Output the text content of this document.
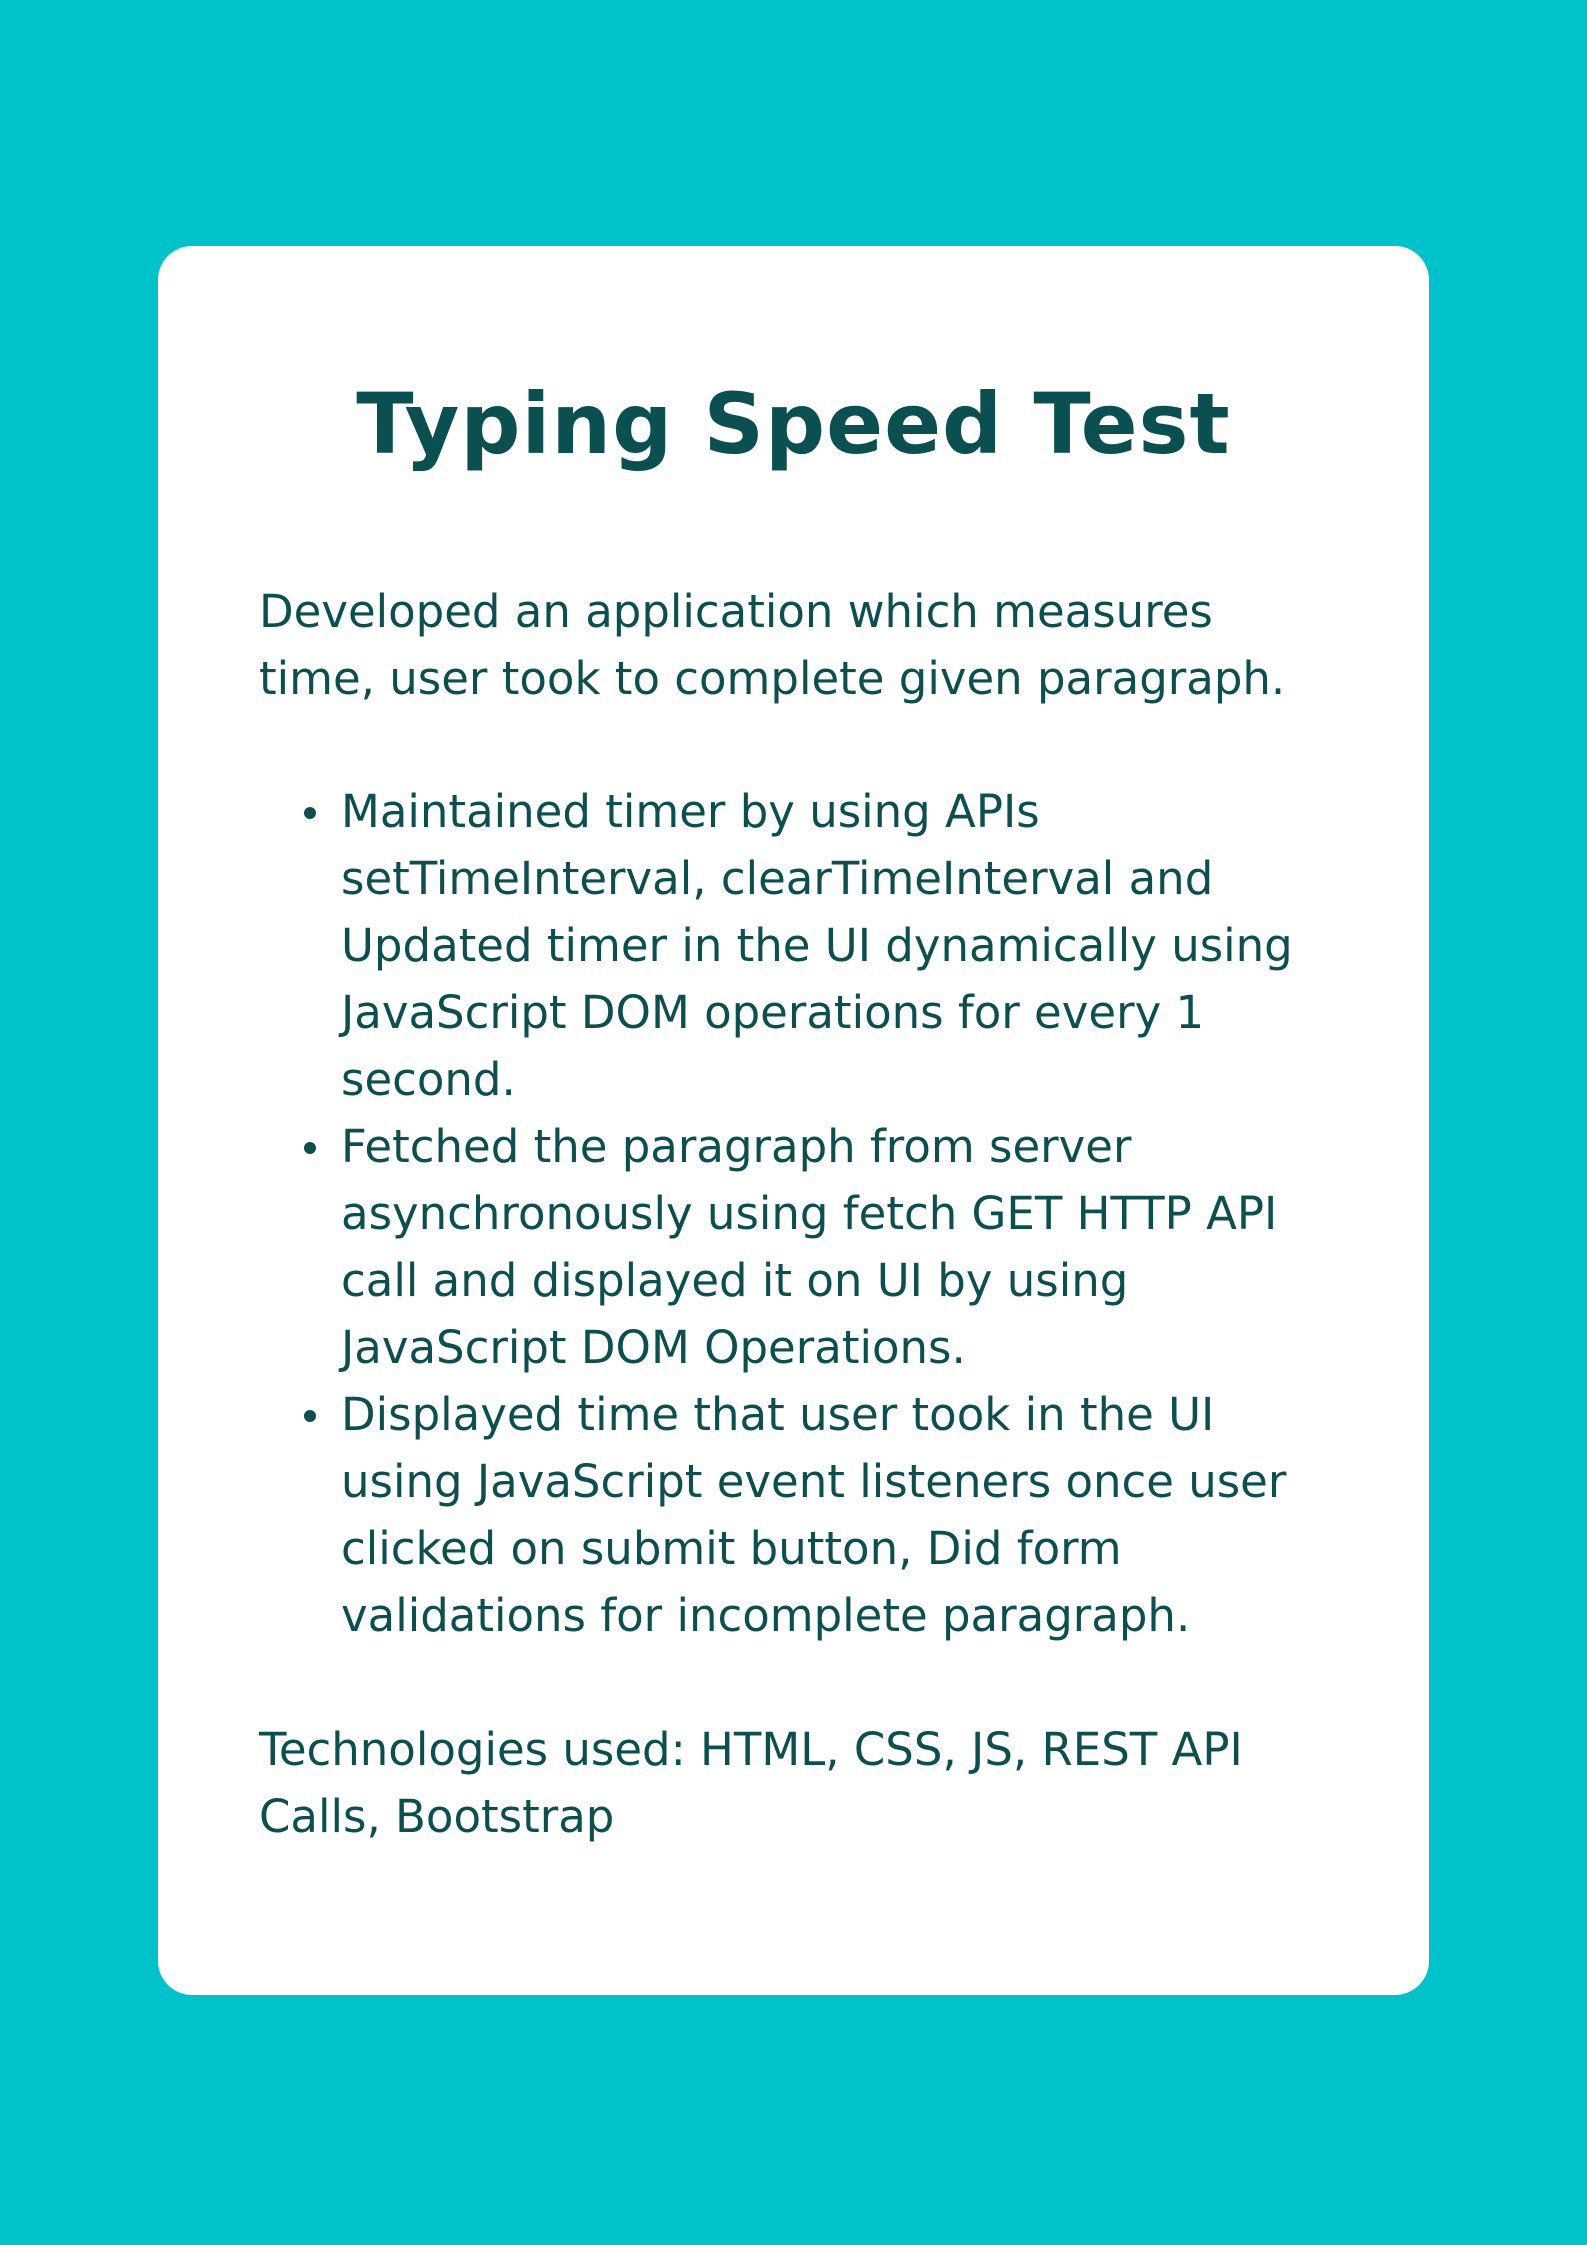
Typing Speed Test

Developed an application which measures time, user took to complete given paragraph.

Maintained timer by using APIs setTimeInterval, clearTimeInterval and Updated timer in the UI dynamically using JavaScript DOM operations for every 1 second.
Fetched the paragraph from server asynchronously using fetch GET HTTP API call and displayed it on UI by using JavaScript DOM Operations.
Displayed time that user took in the UI using JavaScript event listeners once user clicked on submit button, Did form validations for incomplete paragraph.

Technologies used: HTML, CSS, JS, REST API Calls, Bootstrap
